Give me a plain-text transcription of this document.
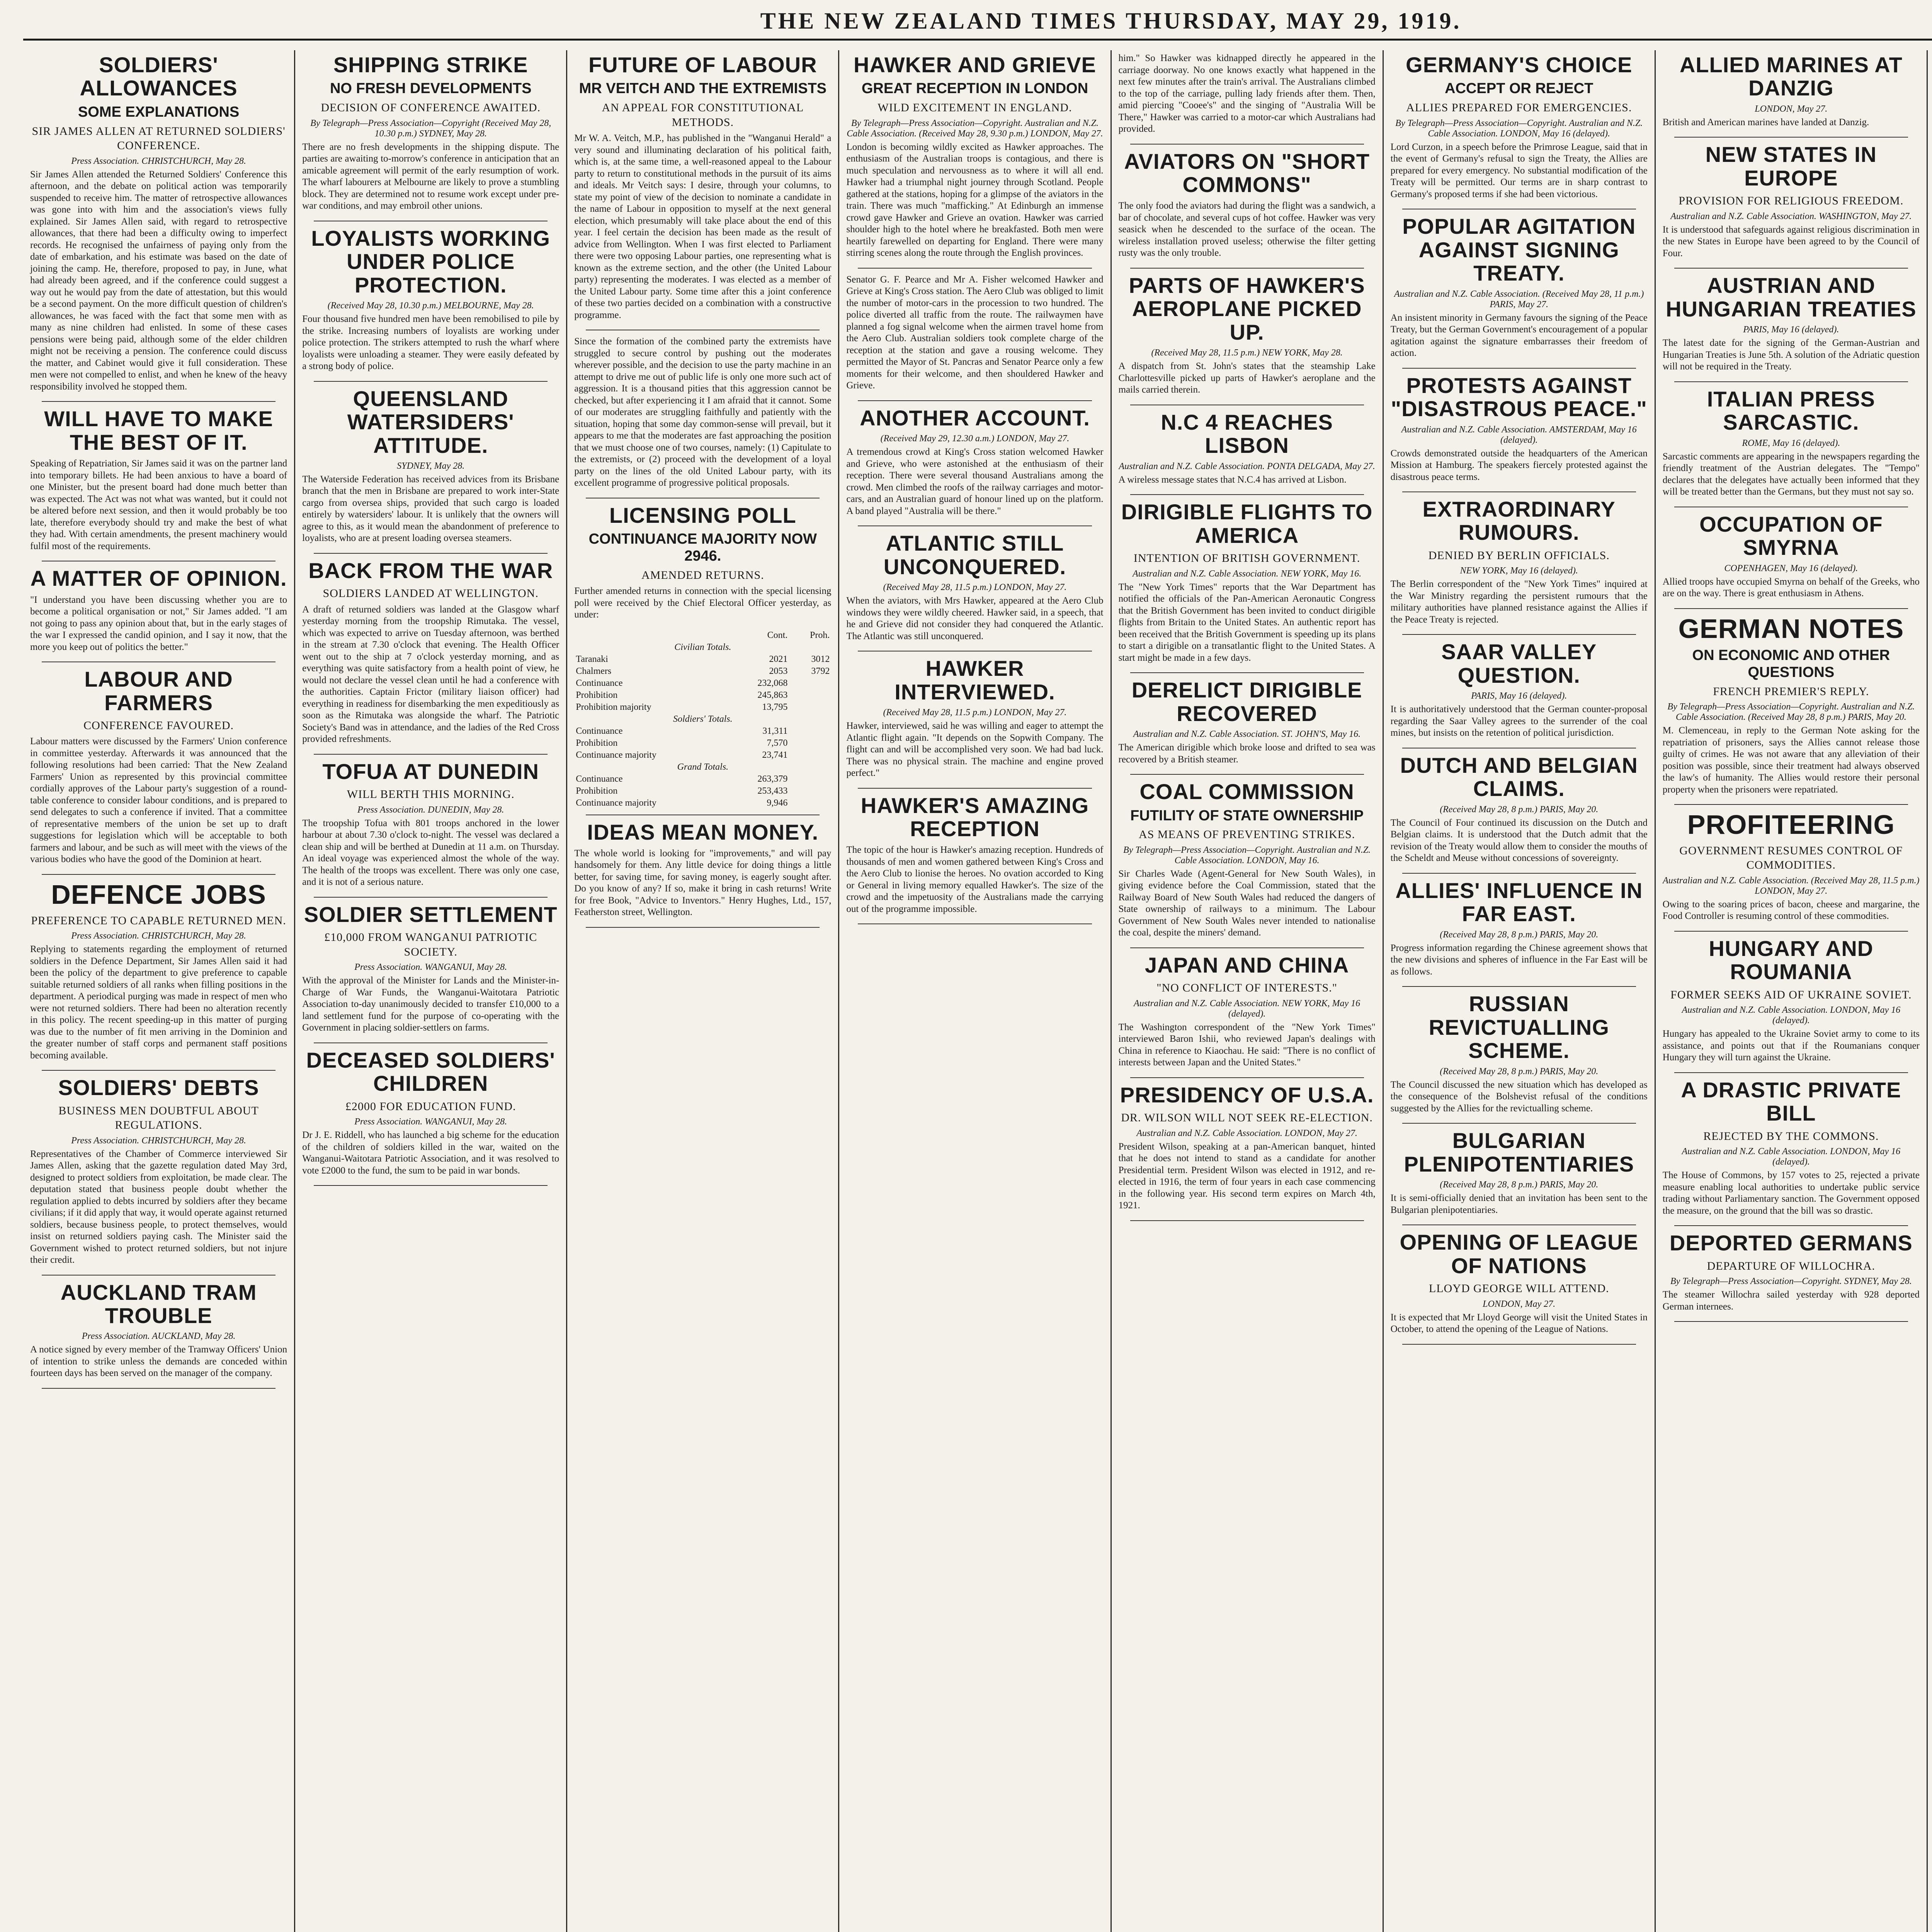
THE NEW ZEALAND TIMES THURSDAY, MAY 29, 1919.
SOLDIERS' ALLOWANCES
SOME EXPLANATIONS
SIR JAMES ALLEN AT RETURNED SOLDIERS' CONFERENCE.
Press Association. CHRISTCHURCH, May 28.
Sir James Allen attended the Returned Soldiers' Conference this afternoon, and the debate on political action was temporarily suspended to receive him. The matter of retrospective allowances was gone into with him and the association's views fully explained. Sir James Allen said, with regard to retrospective allowances, that there had been a difficulty owing to imperfect records. He recognised the unfairness of paying only from the date of embarkation, and his estimate was based on the date of joining the camp. He, therefore, proposed to pay, in June, what had already been agreed, and if the conference could suggest a way out he would pay from the date of attestation, but this would be a second payment. On the more difficult question of children's allowances, he was faced with the fact that some men with as many as nine children had enlisted. In some of these cases pensions were being paid, although some of the elder children might not be receiving a pension. The conference could discuss the matter, and Cabinet would give it full consideration. These men were not compelled to enlist, and when he knew of the heavy responsibility involved he stopped them.
WILL HAVE TO MAKE THE BEST OF IT.
Speaking of Repatriation, Sir James said it was on the partner land into temporary billets. He had been anxious to have a board of one Minister, but the present board had done much better than was expected. The Act was not what was wanted, but it could not be altered before next session, and then it would probably be too late, therefore everybody should try and make the best of what they had. With certain amendments, the present machinery would fulfil most of the requirements.
A MATTER OF OPINION.
"I understand you have been discussing whether you are to become a political organisation or not," Sir James added. "I am not going to pass any opinion about that, but in the early stages of the war I expressed the candid opinion, and I say it now, that the more you keep out of politics the better."
LABOUR AND FARMERS
CONFERENCE FAVOURED.
Labour matters were discussed by the Farmers' Union conference in committee yesterday. Afterwards it was announced that the following resolutions had been carried: That the New Zealand Farmers' Union as represented by this provincial committee cordially approves of the Labour party's suggestion of a round-table conference to consider labour conditions, and is prepared to send delegates to such a conference if invited. That a committee of representative members of the union be set up to draft suggestions for legislation which will be acceptable to both farmers and labour, and be such as will meet with the views of the various bodies who have the good of the Dominion at heart.
DEFENCE JOBS
PREFERENCE TO CAPABLE RETURNED MEN.
Press Association. CHRISTCHURCH, May 28.
Replying to statements regarding the employment of returned soldiers in the Defence Department, Sir James Allen said it had been the policy of the department to give preference to capable suitable returned soldiers of all ranks when filling positions in the department. A periodical purging was made in respect of men who were not returned soldiers. There had been no alteration recently in this policy. The recent speeding-up in this matter of purging was due to the number of fit men arriving in the Dominion and the greater number of staff corps and permanent staff positions becoming available.
SOLDIERS' DEBTS
BUSINESS MEN DOUBTFUL ABOUT REGULATIONS.
Press Association. CHRISTCHURCH, May 28.
Representatives of the Chamber of Commerce interviewed Sir James Allen, asking that the gazette regulation dated May 3rd, designed to protect soldiers from exploitation, be made clear. The deputation stated that business people doubt whether the regulation applied to debts incurred by soldiers after they became civilians; if it did apply that way, it would operate against returned soldiers, because business people, to protect themselves, would insist on returned soldiers paying cash. The Minister said the Government wished to protect returned soldiers, but not injure their credit.
AUCKLAND TRAM TROUBLE
Press Association. AUCKLAND, May 28.
A notice signed by every member of the Tramway Officers' Union of intention to strike unless the demands are conceded within fourteen days has been served on the manager of the company.
SHIPPING STRIKE
NO FRESH DEVELOPMENTS
DECISION OF CONFERENCE AWAITED.
By Telegraph—Press Association—Copyright (Received May 28, 10.30 p.m.) SYDNEY, May 28.
There are no fresh developments in the shipping dispute. The parties are awaiting to-morrow's conference in anticipation that an amicable agreement will permit of the early resumption of work. The wharf labourers at Melbourne are likely to prove a stumbling block. They are determined not to resume work except under pre-war conditions, and may embroil other unions.
LOYALISTS WORKING UNDER POLICE PROTECTION.
(Received May 28, 10.30 p.m.) MELBOURNE, May 28.
Four thousand five hundred men have been remobilised to pile by the strike. Increasing numbers of loyalists are working under police protection. The strikers attempted to rush the wharf where loyalists were unloading a steamer. They were easily defeated by a strong body of police.
QUEENSLAND WATERSIDERS' ATTITUDE.
SYDNEY, May 28.
The Waterside Federation has received advices from its Brisbane branch that the men in Brisbane are prepared to work inter-State cargo from oversea ships, provided that such cargo is loaded entirely by watersiders' labour. It is unlikely that the owners will agree to this, as it would mean the abandonment of preference to loyalists, who are at present loading oversea steamers.
BACK FROM THE WAR
SOLDIERS LANDED AT WELLINGTON.
A draft of returned soldiers was landed at the Glasgow wharf yesterday morning from the troopship Rimutaka. The vessel, which was expected to arrive on Tuesday afternoon, was berthed in the stream at 7.30 o'clock that evening. The Health Officer went out to the ship at 7 o'clock yesterday morning, and as everything was quite satisfactory from a health point of view, he would not declare the vessel clean until he had a conference with the authorities. Captain Frictor (military liaison officer) had everything in readiness for disembarking the men expeditiously as soon as the Rimutaka was alongside the wharf. The Patriotic Society's Band was in attendance, and the ladies of the Red Cross provided refreshments.
TOFUA AT DUNEDIN
WILL BERTH THIS MORNING.
Press Association. DUNEDIN, May 28.
The troopship Tofua with 801 troops anchored in the lower harbour at about 7.30 o'clock to-night. The vessel was declared a clean ship and will be berthed at Dunedin at 11 a.m. on Thursday. An ideal voyage was experienced almost the whole of the way. The health of the troops was excellent. There was only one case, and it is not of a serious nature.
SOLDIER SETTLEMENT
£10,000 FROM WANGANUI PATRIOTIC SOCIETY.
Press Association. WANGANUI, May 28.
With the approval of the Minister for Lands and the Minister-in-Charge of War Funds, the Wanganui-Waitotara Patriotic Association to-day unanimously decided to transfer £10,000 to a land settlement fund for the purpose of co-operating with the Government in placing soldier-settlers on farms.
DECEASED SOLDIERS' CHILDREN
£2000 FOR EDUCATION FUND.
Press Association. WANGANUI, May 28.
Dr J. E. Riddell, who has launched a big scheme for the education of the children of soldiers killed in the war, waited on the Wanganui-Waitotara Patriotic Association, and it was resolved to vote £2000 to the fund, the sum to be paid in war bonds.
FUTURE OF LABOUR
MR VEITCH AND THE EXTREMISTS
AN APPEAL FOR CONSTITUTIONAL METHODS.
Mr W. A. Veitch, M.P., has published in the "Wanganui Herald" a very sound and illuminating declaration of his political faith, which is, at the same time, a well-reasoned appeal to the Labour party to return to constitutional methods in the pursuit of its aims and ideals. Mr Veitch says: I desire, through your columns, to state my point of view of the decision to nominate a candidate in the name of Labour in opposition to myself at the next general election, which presumably will take place about the end of this year. I feel certain the decision has been made as the result of advice from Wellington. When I was first elected to Parliament there were two opposing Labour parties, one representing what is known as the extreme section, and the other (the United Labour party) representing the moderates. I was elected as a member of the United Labour party. Some time after this a joint conference of these two parties decided on a combination with a constructive programme.
Since the formation of the combined party the extremists have struggled to secure control by pushing out the moderates wherever possible, and the decision to use the party machine in an attempt to drive me out of public life is only one more such act of aggression. It is a thousand pities that this aggression cannot be checked, but after experiencing it I am afraid that it cannot. Some of our moderates are struggling faithfully and patiently with the situation, hoping that some day common-sense will prevail, but it appears to me that the moderates are fast approaching the position that we must choose one of two courses, namely: (1) Capitulate to the extremists, or (2) proceed with the development of a loyal party on the lines of the old United Labour party, with its excellent programme of progressive political proposals.
LICENSING POLL
CONTINUANCE MAJORITY NOW 2946.
AMENDED RETURNS.
Further amended returns in connection with the special licensing poll were received by the Chief Electoral Officer yesterday, as under:
	Cont.	Proh.
Civilian Totals.		
Taranaki	2021	3012
Chalmers	2053	3792
Continuance	232,068	
Prohibition	245,863	
Prohibition majority	13,795	
Soldiers' Totals.		
Continuance	31,311	
Prohibition	7,570	
Continuance majority	23,741	
Grand Totals.		
Continuance	263,379	
Prohibition	253,433	
Continuance majority	9,946	
IDEAS MEAN MONEY.
The whole world is looking for "improvements," and will pay handsomely for them. Any little device for doing things a little better, for saving time, for saving money, is eagerly sought after. Do you know of any? If so, make it bring in cash returns! Write for free Book, "Advice to Inventors." Henry Hughes, Ltd., 157, Featherston street, Wellington.
HAWKER AND GRIEVE
GREAT RECEPTION IN LONDON
WILD EXCITEMENT IN ENGLAND.
By Telegraph—Press Association—Copyright. Australian and N.Z. Cable Association. (Received May 28, 9.30 p.m.) LONDON, May 27.
London is becoming wildly excited as Hawker approaches. The enthusiasm of the Australian troops is contagious, and there is much speculation and nervousness as to where it will all end. Hawker had a triumphal night journey through Scotland. People gathered at the stations, hoping for a glimpse of the aviators in the train. There was much "mafficking." At Edinburgh an immense crowd gave Hawker and Grieve an ovation. Hawker was carried shoulder high to the hotel where he breakfasted. Both men were heartily farewelled on departing for England. There were many stirring scenes along the route through the English provinces.
Senator G. F. Pearce and Mr A. Fisher welcomed Hawker and Grieve at King's Cross station. The Aero Club was obliged to limit the number of motor-cars in the procession to two hundred. The police diverted all traffic from the route. The railwaymen have planned a fog signal welcome when the airmen travel home from the Aero Club. Australian soldiers took complete charge of the reception at the station and gave a rousing welcome. They permitted the Mayor of St. Pancras and Senator Pearce only a few moments for their welcome, and then shouldered Hawker and Grieve.
ANOTHER ACCOUNT.
(Received May 29, 12.30 a.m.) LONDON, May 27.
A tremendous crowd at King's Cross station welcomed Hawker and Grieve, who were astonished at the enthusiasm of their reception. There were several thousand Australians among the crowd. Men climbed the roofs of the railway carriages and motor-cars, and an Australian guard of honour lined up on the platform. A band played "Australia will be there."
ATLANTIC STILL UNCONQUERED.
(Received May 28, 11.5 p.m.) LONDON, May 27.
When the aviators, with Mrs Hawker, appeared at the Aero Club windows they were wildly cheered. Hawker said, in a speech, that he and Grieve did not consider they had conquered the Atlantic. The Atlantic was still unconquered.
HAWKER INTERVIEWED.
(Received May 28, 11.5 p.m.) LONDON, May 27.
Hawker, interviewed, said he was willing and eager to attempt the Atlantic flight again. "It depends on the Sopwith Company. The flight can and will be accomplished very soon. We had bad luck. There was no physical strain. The machine and engine proved perfect."
HAWKER'S AMAZING RECEPTION
The topic of the hour is Hawker's amazing reception. Hundreds of thousands of men and women gathered between King's Cross and the Aero Club to lionise the heroes. No ovation accorded to King or General in living memory equalled Hawker's. The size of the crowd and the impetuosity of the Australians made the carrying out of the programme impossible.
him." So Hawker was kidnapped directly he appeared in the carriage doorway. No one knows exactly what happened in the next few minutes after the train's arrival. The Australians climbed to the top of the carriage, pulling lady friends after them. Then, amid piercing "Cooee's" and the singing of "Australia Will be There," Hawker was carried to a motor-car which Australians had provided.
AVIATORS ON "SHORT COMMONS"
The only food the aviators had during the flight was a sandwich, a bar of chocolate, and several cups of hot coffee. Hawker was very seasick when he descended to the surface of the ocean. The wireless installation proved useless; otherwise the filter getting rusty was the only trouble.
PARTS OF HAWKER'S AEROPLANE PICKED UP.
(Received May 28, 11.5 p.m.) NEW YORK, May 28.
A dispatch from St. John's states that the steamship Lake Charlottesville picked up parts of Hawker's aeroplane and the mails carried therein.
N.C 4 REACHES LISBON
Australian and N.Z. Cable Association. PONTA DELGADA, May 27.
A wireless message states that N.C.4 has arrived at Lisbon.
DIRIGIBLE FLIGHTS TO AMERICA
INTENTION OF BRITISH GOVERNMENT.
Australian and N.Z. Cable Association. NEW YORK, May 16.
The "New York Times" reports that the War Department has notified the officials of the Pan-American Aeronautic Congress that the British Government has been invited to conduct dirigible flights from Britain to the United States. An authentic report has been received that the British Government is speeding up its plans to start a dirigible on a transatlantic flight to the United States. A start might be made in a few days.
DERELICT DIRIGIBLE RECOVERED
Australian and N.Z. Cable Association. ST. JOHN'S, May 16.
The American dirigible which broke loose and drifted to sea was recovered by a British steamer.
COAL COMMISSION
FUTILITY OF STATE OWNERSHIP
AS MEANS OF PREVENTING STRIKES.
By Telegraph—Press Association—Copyright. Australian and N.Z. Cable Association. LONDON, May 16.
Sir Charles Wade (Agent-General for New South Wales), in giving evidence before the Coal Commission, stated that the Railway Board of New South Wales had reduced the dangers of State ownership of railways to a minimum. The Labour Government of New South Wales never intended to nationalise the coal, despite the miners' demand.
JAPAN AND CHINA
"NO CONFLICT OF INTERESTS."
Australian and N.Z. Cable Association. NEW YORK, May 16 (delayed).
The Washington correspondent of the "New York Times" interviewed Baron Ishii, who reviewed Japan's dealings with China in reference to Kiaochau. He said: "There is no conflict of interests between Japan and the United States."
PRESIDENCY OF U.S.A.
DR. WILSON WILL NOT SEEK RE-ELECTION.
Australian and N.Z. Cable Association. LONDON, May 27.
President Wilson, speaking at a pan-American banquet, hinted that he does not intend to stand as a candidate for another Presidential term. President Wilson was elected in 1912, and re-elected in 1916, the term of four years in each case commencing in the following year. His second term expires on March 4th, 1921.
GERMANY'S CHOICE
ACCEPT OR REJECT
ALLIES PREPARED FOR EMERGENCIES.
By Telegraph—Press Association—Copyright. Australian and N.Z. Cable Association. LONDON, May 16 (delayed).
Lord Curzon, in a speech before the Primrose League, said that in the event of Germany's refusal to sign the Treaty, the Allies are prepared for every emergency. No substantial modification of the Treaty will be permitted. Our terms are in sharp contrast to Germany's proposed terms if she had been victorious.
POPULAR AGITATION AGAINST SIGNING TREATY.
Australian and N.Z. Cable Association. (Received May 28, 11 p.m.) PARIS, May 27.
An insistent minority in Germany favours the signing of the Peace Treaty, but the German Government's encouragement of a popular agitation against the signature embarrasses their freedom of action.
PROTESTS AGAINST "DISASTROUS PEACE."
Australian and N.Z. Cable Association. AMSTERDAM, May 16 (delayed).
Crowds demonstrated outside the headquarters of the American Mission at Hamburg. The speakers fiercely protested against the disastrous peace terms.
EXTRAORDINARY RUMOURS.
DENIED BY BERLIN OFFICIALS.
NEW YORK, May 16 (delayed).
The Berlin correspondent of the "New York Times" inquired at the War Ministry regarding the persistent rumours that the military authorities have planned resistance against the Allies if the Peace Treaty is rejected.
SAAR VALLEY QUESTION.
PARIS, May 16 (delayed).
It is authoritatively understood that the German counter-proposal regarding the Saar Valley agrees to the surrender of the coal mines, but insists on the retention of political jurisdiction.
DUTCH AND BELGIAN CLAIMS.
(Received May 28, 8 p.m.) PARIS, May 20.
The Council of Four continued its discussion on the Dutch and Belgian claims. It is understood that the Dutch admit that the revision of the Treaty would allow them to consider the mouths of the Scheldt and Meuse without concessions of sovereignty.
ALLIES' INFLUENCE IN FAR EAST.
(Received May 28, 8 p.m.) PARIS, May 20.
Progress information regarding the Chinese agreement shows that the new divisions and spheres of influence in the Far East will be as follows.
RUSSIAN REVICTUALLING SCHEME.
(Received May 28, 8 p.m.) PARIS, May 20.
The Council discussed the new situation which has developed as the consequence of the Bolshevist refusal of the conditions suggested by the Allies for the revictualling scheme.
BULGARIAN PLENIPOTENTIARIES
(Received May 28, 8 p.m.) PARIS, May 20.
It is semi-officially denied that an invitation has been sent to the Bulgarian plenipotentiaries.
OPENING OF LEAGUE OF NATIONS
LLOYD GEORGE WILL ATTEND.
LONDON, May 27.
It is expected that Mr Lloyd George will visit the United States in October, to attend the opening of the League of Nations.
ALLIED MARINES AT DANZIG
LONDON, May 27.
British and American marines have landed at Danzig.
NEW STATES IN EUROPE
PROVISION FOR RELIGIOUS FREEDOM.
Australian and N.Z. Cable Association. WASHINGTON, May 27.
It is understood that safeguards against religious discrimination in the new States in Europe have been agreed to by the Council of Four.
AUSTRIAN AND HUNGARIAN TREATIES
PARIS, May 16 (delayed).
The latest date for the signing of the German-Austrian and Hungarian Treaties is June 5th. A solution of the Adriatic question will not be required in the Treaty.
ITALIAN PRESS SARCASTIC.
ROME, May 16 (delayed).
Sarcastic comments are appearing in the newspapers regarding the friendly treatment of the Austrian delegates. The "Tempo" declares that the delegates have actually been informed that they will be treated better than the Germans, but they must not say so.
OCCUPATION OF SMYRNA
COPENHAGEN, May 16 (delayed).
Allied troops have occupied Smyrna on behalf of the Greeks, who are on the way. There is great enthusiasm in Athens.
GERMAN NOTES
ON ECONOMIC AND OTHER QUESTIONS
FRENCH PREMIER'S REPLY.
By Telegraph—Press Association—Copyright. Australian and N.Z. Cable Association. (Received May 28, 8 p.m.) PARIS, May 20.
M. Clemenceau, in reply to the German Note asking for the repatriation of prisoners, says the Allies cannot release those guilty of crimes. He was not aware that any alleviation of their position was possible, since their treatment had always observed the law's of humanity. The Allies would restore their personal property when the prisoners were repatriated.
PROFITEERING
GOVERNMENT RESUMES CONTROL OF COMMODITIES.
Australian and N.Z. Cable Association. (Received May 28, 11.5 p.m.) LONDON, May 27.
Owing to the soaring prices of bacon, cheese and margarine, the Food Controller is resuming control of these commodities.
HUNGARY AND ROUMANIA
FORMER SEEKS AID OF UKRAINE SOVIET.
Australian and N.Z. Cable Association. LONDON, May 16 (delayed).
Hungary has appealed to the Ukraine Soviet army to come to its assistance, and points out that if the Roumanians conquer Hungary they will turn against the Ukraine.
A DRASTIC PRIVATE BILL
REJECTED BY THE COMMONS.
Australian and N.Z. Cable Association. LONDON, May 16 (delayed).
The House of Commons, by 157 votes to 25, rejected a private measure enabling local authorities to undertake public service trading without Parliamentary sanction. The Government opposed the measure, on the ground that the bill was so drastic.
DEPORTED GERMANS
DEPARTURE OF WILLOCHRA.
By Telegraph—Press Association—Copyright. SYDNEY, May 28.
The steamer Willochra sailed yesterday with 928 deported German internees.
